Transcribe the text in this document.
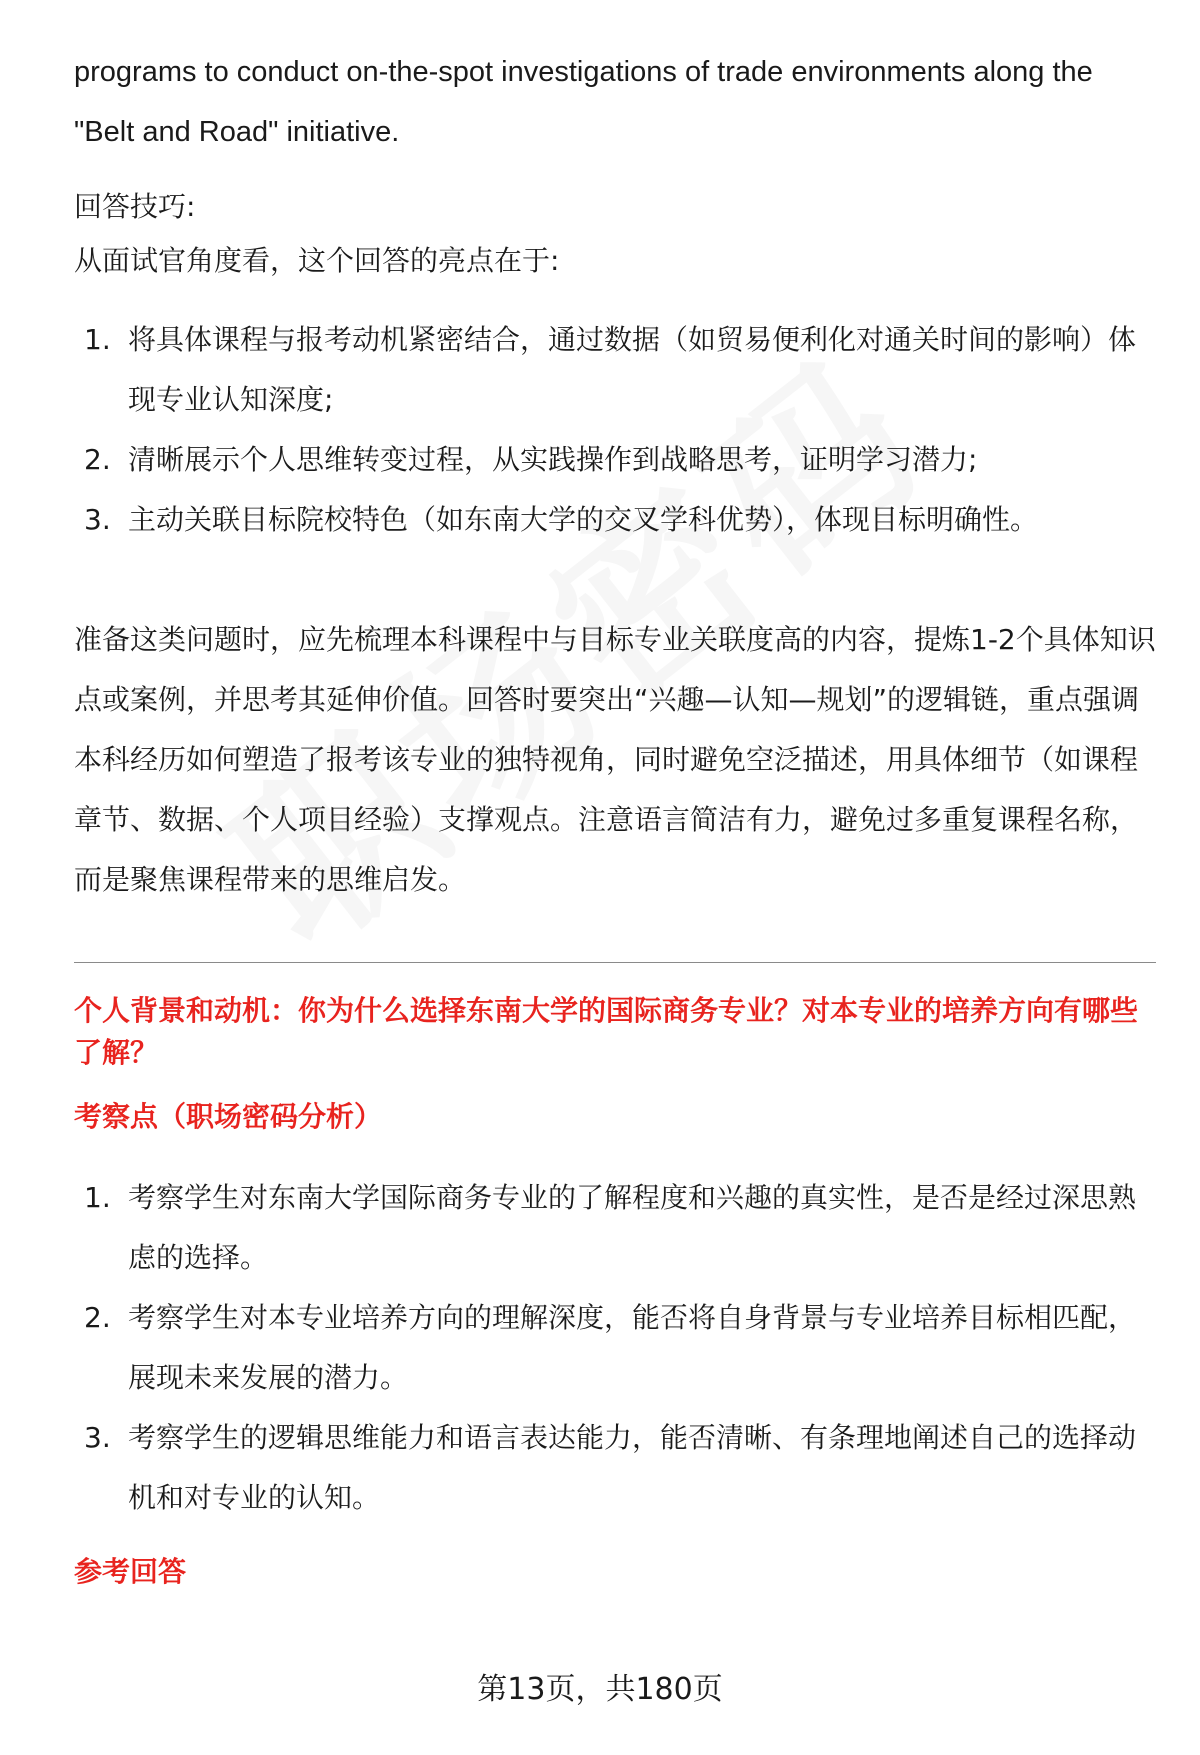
programs to conduct on-the-spot investigations of trade environments along the "Belt and Road" initiative.

回答技巧:

从面试官角度看，这个回答的亮点在于:

1. 将具体课程与报考动机紧密结合，通过数据（如贸易便利化对通关时间的影响）体现专业认知深度;
2. 清晰展示个人思维转变过程，从实践操作到战略思考，证明学习潜力;
3. 主动关联目标院校特色（如东南大学的交叉学科优势），体现目标明确性。

准备这类问题时，应先梳理本科课程中与目标专业关联度高的内容，提炼1-2个具体知识点或案例，并思考其延伸价值。回答时要突出“兴趣—认知—规划”的逻辑链，重点强调本科经历如何塑造了报考该专业的独特视角，同时避免空泛描述，用具体细节（如课程章节、数据、个人项目经验）支撑观点。注意语言简洁有力，避免过多重复课程名称，而是聚焦课程带来的思维启发。

个人背景和动机：你为什么选择东南大学的国际商务专业？对本专业的培养方向有哪些了解？
考察点（职场密码分析）
1. 考察学生对东南大学国际商务专业的了解程度和兴趣的真实性，是否是经过深思熟虑的选择。
2. 考察学生对本专业培养方向的理解深度，能否将自身背景与专业培养目标相匹配，展现未来发展的潜力。
3. 考察学生的逻辑思维能力和语言表达能力，能否清晰、有条理地阐述自己的选择动机和对专业的认知。
参考回答
第13页，共180页
